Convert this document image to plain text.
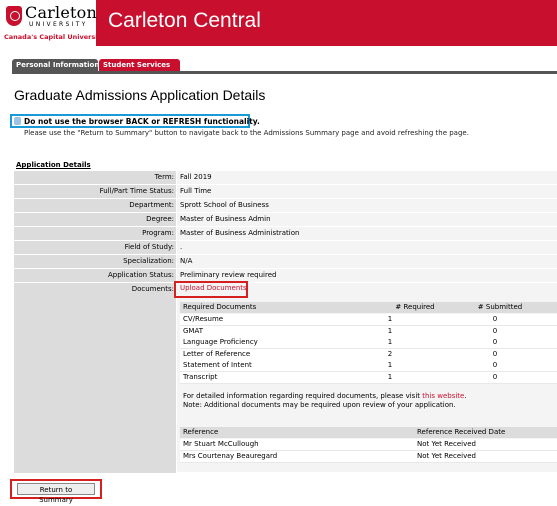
Carleton
UNIVERSITY
Canada's Capital University
Carleton Central
Personal Information Student Services
Graduate Admissions Application Details
Do not use the browser BACK or REFRESH functionality.
Please use the "Return to Summary" button to navigate back to the Admissions Summary page and avoid refreshing the page.
Application Details
Term: Fall 2019
Full/Part Time Status: Full Time
Department: Sprott School of Business
Degree: Master of Business Admin
Program: Master of Business Administration
Field of Study: .
Specialization: N/A
Application Status: Preliminary review required
Documents: Upload Documents
Required Documents	# Required	# Submitted
CV/Resume	1	0
GMAT	1	0
Language Proficiency	1	0
Letter of Reference	2	0
Statement of Intent	1	0
Transcript	1	0
For detailed information regarding required documents, please visit this website.
Note: Additional documents may be required upon review of your application.
Reference	Reference Received Date
Mr Stuart McCullough	Not Yet Received
Mrs Courtenay Beauregard	Not Yet Received
Return to Summary
